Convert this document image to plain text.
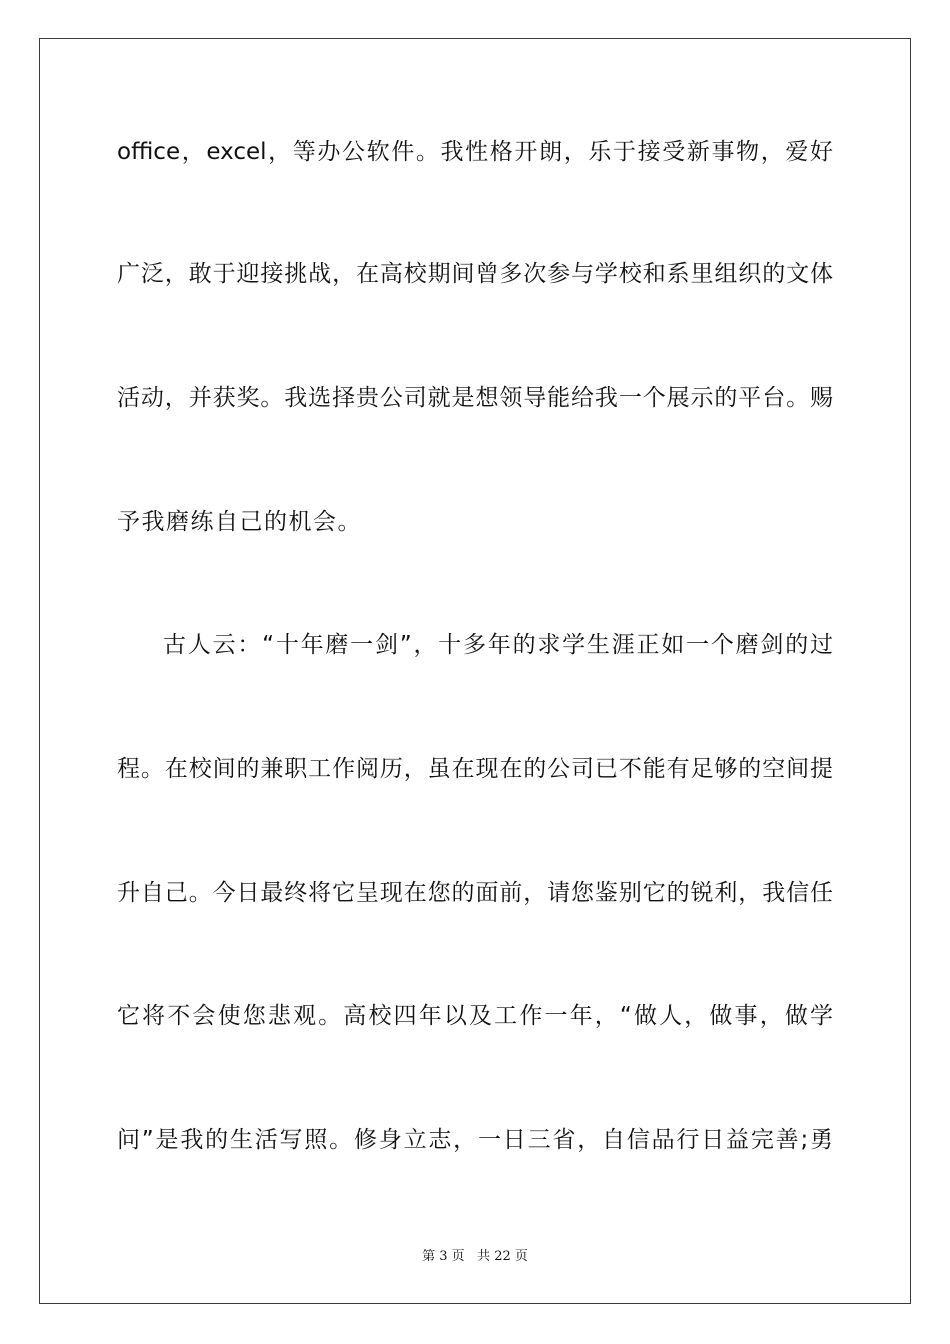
office，excel，等办公软件。我性格开朗，乐于接受新事物，爱好
广泛，敢于迎接挑战，在高校期间曾多次参与学校和系里组织的文体
活动，并获奖。我选择贵公司就是想领导能给我一个展示的平台。赐
予我磨练自己的机会。
古人云：“十年磨一剑”，十多年的求学生涯正如一个磨剑的过
程。在校间的兼职工作阅历，虽在现在的公司已不能有足够的空间提
升自己。今日最终将它呈现在您的面前，请您鉴别它的锐利，我信任
它将不会使您悲观。高校四年以及工作一年，“做人，做事，做学
问”是我的生活写照。修身立志，一日三省，自信品行日益完善;勇
第 3 页 共 22 页
